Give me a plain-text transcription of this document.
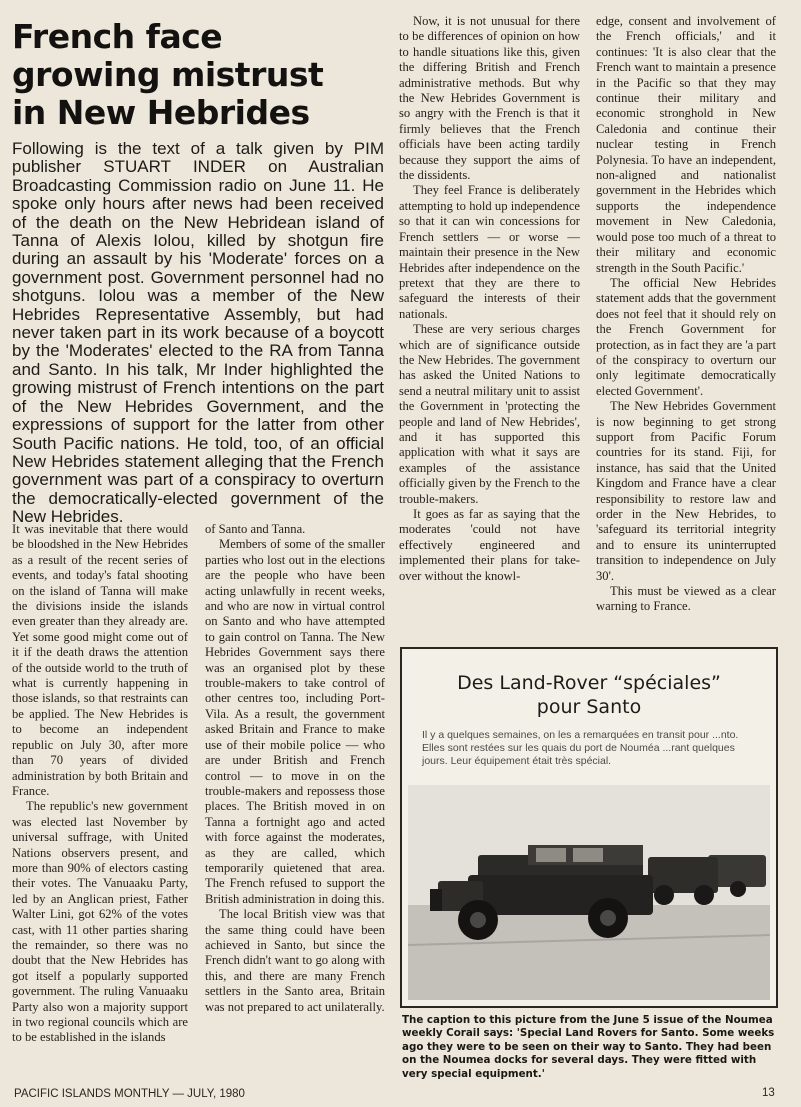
French face
growing mistrust
in New Hebrides
Following is the text of a talk given by PIM publisher STUART INDER on Australian Broadcasting Commission radio on June 11. He spoke only hours after news had been received of the death on the New Hebridean island of Tanna of Alexis Iolou, killed by shotgun fire during an assault by his 'Moderate' forces on a government post. Government personnel had no shotguns. Iolou was a member of the New Hebrides Representative Assembly, but had never taken part in its work because of a boycott by the 'Moderates' elected to the RA from Tanna and Santo. In his talk, Mr Inder highlighted the growing mistrust of French intentions on the part of the New Hebrides Government, and the expressions of support for the latter from other South Pacific nations. He told, too, of an official New Hebrides statement alleging that the French government was part of a conspiracy to overturn the democratically-elected government of the New Hebrides.

It was inevitable that there would be bloodshed in the New Hebrides as a result of the recent series of events, and today's fatal shooting on the island of Tanna will make the divisions inside the islands even greater than they already are. Yet some good might come out of it if the death draws the attention of the outside world to the truth of what is currently happening in those islands, so that restraints can be applied. The New Hebrides is to become an independent republic on July 30, after more than 70 years of divided administration by both Britain and France.

The republic's new government was elected last November by universal suffrage, with United Nations observers present, and more than 90% of electors casting their votes. The Vanuaaku Party, led by an Anglican priest, Father Walter Lini, got 62% of the votes cast, with 11 other parties sharing the remainder, so there was no doubt that the New Hebrides has got itself a popularly supported government. The ruling Vanuaaku Party also won a majority support in two regional councils which are to be established in the islands

of Santo and Tanna.

Members of some of the smaller parties who lost out in the elections are the people who have been acting unlawfully in recent weeks, and who are now in virtual control on Santo and who have attempted to gain control on Tanna. The New Hebrides Government says there was an organised plot by these trouble-makers to take control of other centres too, including Port-Vila. As a result, the government asked Britain and France to make use of their mobile police — who are under British and French control — to move in on the trouble-makers and repossess those places. The British moved in on Tanna a fortnight ago and acted with force against the moderates, as they are called, which temporarily quietened that area. The French refused to support the British administration in doing this.

The local British view was that the same thing could have been achieved in Santo, but since the French didn't want to go along with this, and there are many French settlers in the Santo area, Britain was not prepared to act unilaterally.

Now, it is not unusual for there to be differences of opinion on how to handle situations like this, given the differing British and French administrative methods. But why the New Hebrides Government is so angry with the French is that it firmly believes that the French officials have been acting tardily because they support the aims of the dissidents.

They feel France is deliberately attempting to hold up independence so that it can win concessions for French settlers — or worse — maintain their presence in the New Hebrides after independence on the pretext that they are there to safeguard the interests of their nationals.

These are very serious charges which are of significance outside the New Hebrides. The government has asked the United Nations to send a neutral military unit to assist the Government in 'protecting the people and land of New Hebrides', and it has supported this application with what it says are examples of the assistance officially given by the French to the trouble-makers.

It goes as far as saying that the moderates 'could not have effectively engineered and implemented their plans for take-over without the knowl-

edge, consent and involvement of the French officials,' and it continues: 'It is also clear that the French want to maintain a presence in the Pacific so that they may continue their military and economic stronghold in New Caledonia and continue their nuclear testing in French Polynesia. To have an independent, non-aligned and nationalist government in the Hebrides which supports the independence movement in New Caledonia, would pose too much of a threat to their military and economic strength in the South Pacific.'

The official New Hebrides statement adds that the government does not feel that it should rely on the French Government for protection, as in fact they are 'a part of the conspiracy to overturn our only legitimate democratically elected Government'.

The New Hebrides Government is now beginning to get strong support from Pacific Forum countries for its stand. Fiji, for instance, has said that the United Kingdom and France have a clear responsibility to restore law and order in the New Hebrides, to 'safeguard its territorial integrity and to ensure its uninterrupted transition to independence on July 30'.

This must be viewed as a clear warning to France.

Des Land-Rover “spéciales”
pour Santo
Il y a quelques semaines, on les a remarquées en transit pour ...nto. Elles sont restées sur les quais du port de Nouméa ...rant quelques jours. Leur équipement était très spécial.
The caption to this picture from the June 5 issue of the Noumea weekly Corail says: 'Special Land Rovers for Santo. Some weeks ago they were to be seen on their way to Santo. They had been on the Noumea docks for several days. They were fitted with very special equipment.'
PACIFIC ISLANDS MONTHLY — JULY, 1980	13
